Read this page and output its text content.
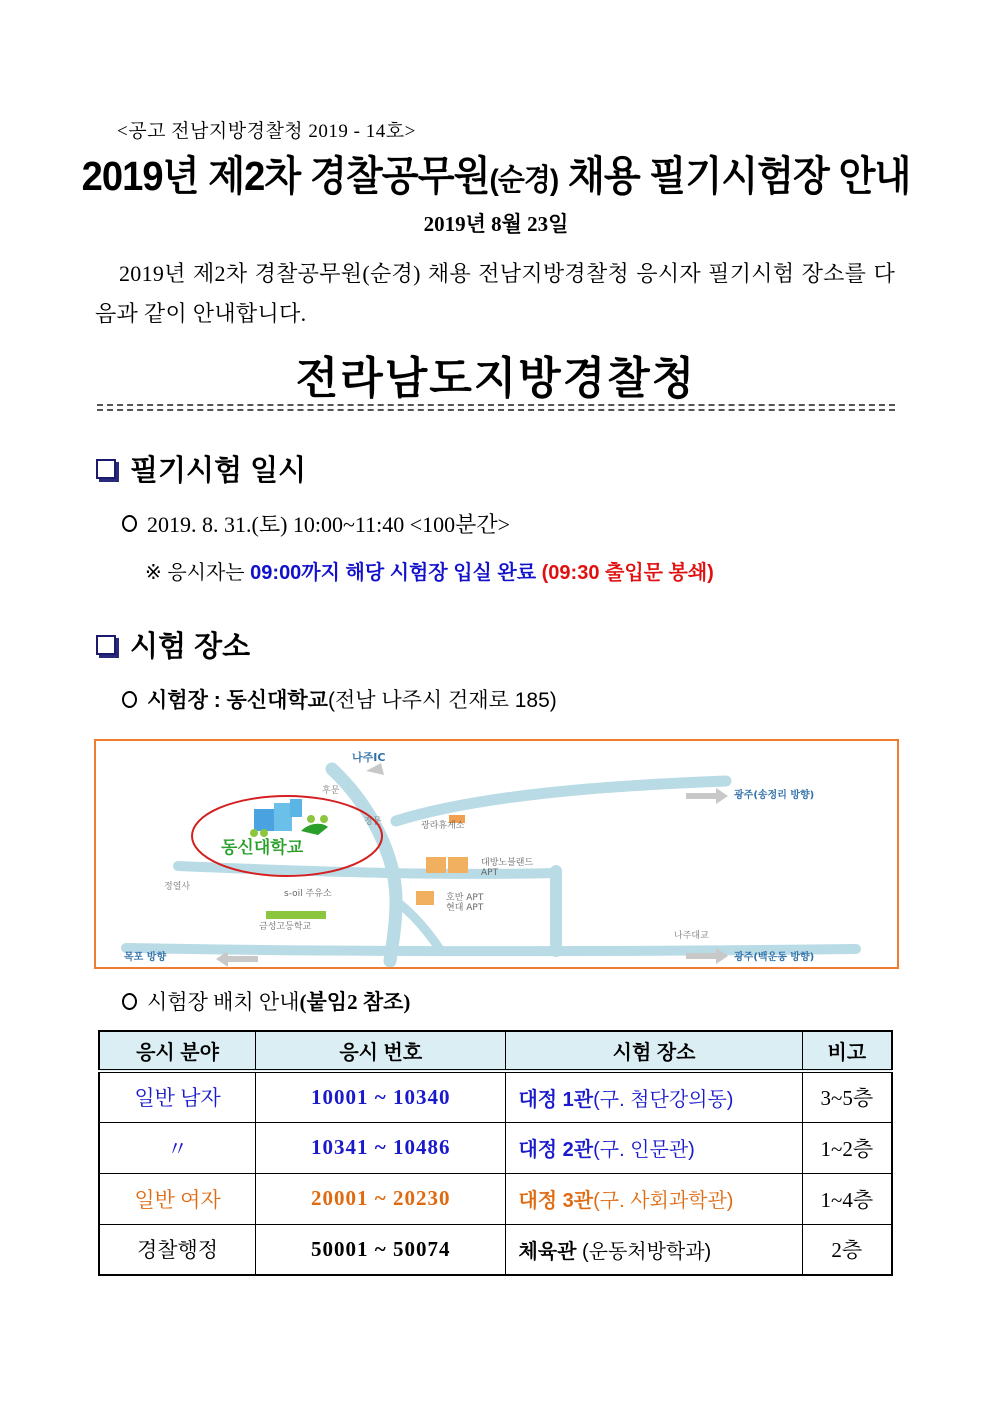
<공고 전남지방경찰청 2019 - 14호>
2019년 제2차 경찰공무원(순경) 채용 필기시험장 안내
2019년 8월 23일
2019년 제2차 경찰공무원(순경) 채용 전남지방경찰청 응시자 필기시험 장소를 다음과 같이 안내합니다.
전라남도지방경찰청
필기시험 일시
2019. 8. 31.(토) 10:00~11:40 <100분간>
※ 응시자는 09:00까지 해당 시험장 입실 완료 (09:30 출입문 봉쇄)
시험 장소
시험장 : 동신대학교(전남 나주시 건재로 185)
나주IC
후문
정문
동신대학교
광라휴게소
대방노블랜드
APT
호반 APT
현대 APT
정열사
s-oil 주유소
금성고등학교
나주대교
광주(송정리 방향)
광주(백운동 방향)
목포 방향
시험장 배치 안내(붙임2 참조)
응시 분야	응시 번호	시험 장소	비고
일반 남자	10001 ~ 10340	대정 1관(구. 첨단강의동)	3~5층
〃	10341 ~ 10486	대정 2관(구. 인문관)	1~2층
일반 여자	20001 ~ 20230	대정 3관(구. 사회과학관)	1~4층
경찰행정	50001 ~ 50074	체육관 (운동처방학과)	2층
